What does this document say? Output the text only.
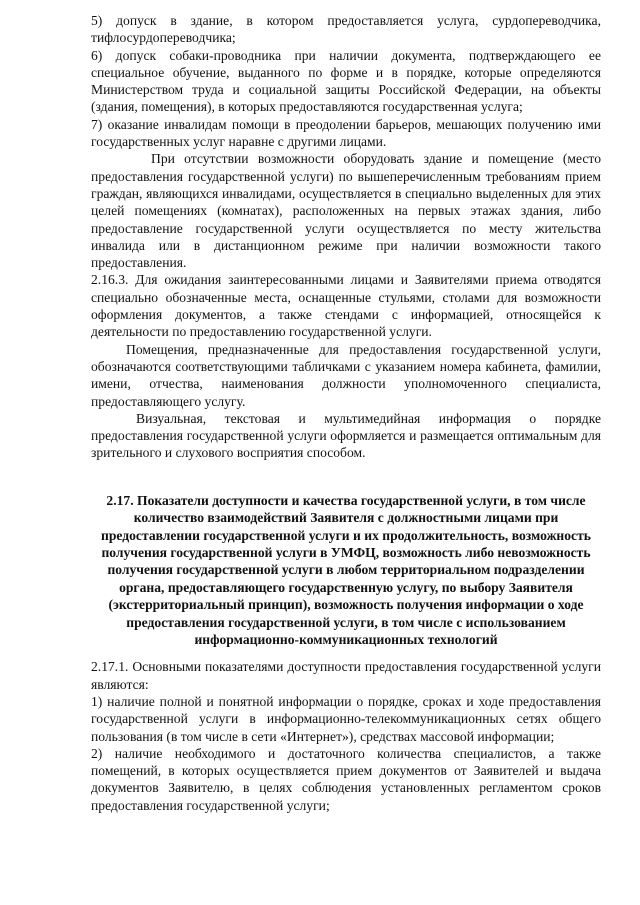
5) допуск в здание, в котором предоставляется услуга, сурдопереводчика, тифлосурдопереводчика;

6) допуск собаки-проводника при наличии документа, подтверждающего ее специальное обучение, выданного по форме и в порядке, которые определяются Министерством труда и социальной защиты Российской Федерации, на объекты (здания, помещения), в которых предоставляются государственная услуга;

7) оказание инвалидам помощи в преодолении барьеров, мешающих получению ими государственных услуг наравне с другими лицами.

При отсутствии возможности оборудовать здание и помещение (место предоставления государственной услуги) по вышеперечисленным требованиям прием граждан, являющихся инвалидами, осуществляется в специально выделенных для этих целей помещениях (комнатах), расположенных на первых этажах здания, либо предоставление государственной услуги осуществляется по месту жительства инвалида или в дистанционном режиме при наличии возможности такого предоставления.

2.16.3. Для ожидания заинтересованными лицами и Заявителями приема отводятся специально обозначенные места, оснащенные стульями, столами для возможности оформления документов, а также стендами с информацией, относящейся к деятельности по предоставлению государственной услуги.

Помещения, предназначенные для предоставления государственной услуги, обозначаются соответствующими табличками с указанием номера кабинета, фамилии, имени, отчества, наименования должности уполномоченного специалиста, предоставляющего услугу.

Визуальная, текстовая и мультимедийная информация о порядке предоставления государственной услуги оформляется и размещается оптимальным для зрительного и слухового восприятия способом.

2.17. Показатели доступности и качества государственной услуги, в том числе количество взаимодействий Заявителя с должностными лицами при предоставлении государственной услуги и их продолжительность, возможность получения государственной услуги в УМФЦ, возможность либо невозможность получения государственной услуги в любом территориальном подразделении органа, предоставляющего государственную услугу, по выбору Заявителя (экстерриториальный принцип), возможность получения информации о ходе предоставления государственной услуги, в том числе с использованием информационно-коммуникационных технологий

2.17.1. Основными показателями доступности предоставления государственной услуги являются:

1) наличие полной и понятной информации о порядке, сроках и ходе предоставления государственной услуги в информационно-телекоммуникационных сетях общего пользования (в том числе в сети «Интернет»), средствах массовой информации;

2) наличие необходимого и достаточного количества специалистов, а также помещений, в которых осуществляется прием документов от Заявителей и выдача документов Заявителю, в целях соблюдения установленных регламентом сроков предоставления государственной услуги;
